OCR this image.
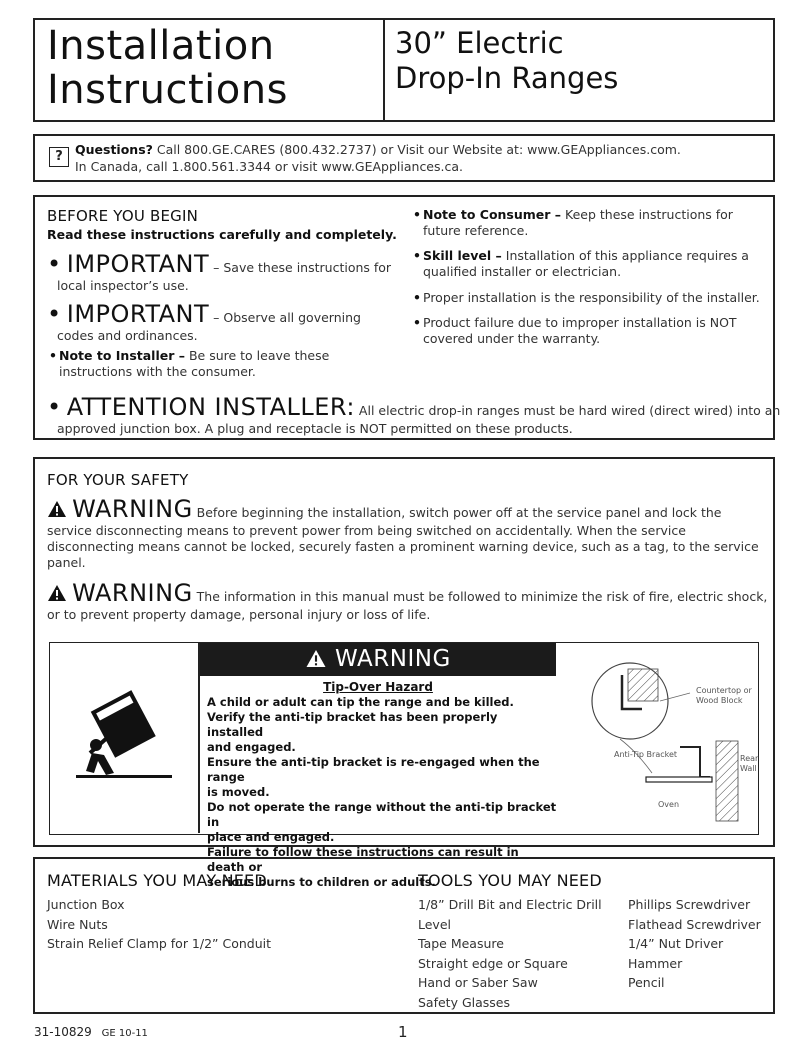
Installation
Instructions
30” Electric
Drop-In Ranges
? Questions? Call 800.GE.CARES (800.432.2737) or Visit our Website at: www.GEAppliances.com.
In Canada, call 1.800.561.3344 or visit www.GEAppliances.ca.
BEFORE YOU BEGIN
Read these instructions carefully and completely.
• IMPORTANT – Save these instructions for
local inspector’s use.
• IMPORTANT – Observe all governing
codes and ordinances.
• Note to Installer – Be sure to leave these
instructions with the consumer.
• Note to Consumer – Keep these instructions for
future reference.
• Skill level – Installation of this appliance requires a
qualified installer or electrician.
• Proper installation is the responsibility of the installer.
• Product failure due to improper installation is NOT
covered under the warranty.
• ATTENTION INSTALLER: All electric drop-in ranges must be hard wired (direct wired) into an
approved junction box. A plug and receptacle is NOT permitted on these products.
FOR YOUR SAFETY
WARNING Before beginning the installation, switch power off at the service panel and lock the
service disconnecting means to prevent power from being switched on accidentally. When the service
disconnecting means cannot be locked, securely fasten a prominent warning device, such as a tag, to the service
panel.
WARNING The information in this manual must be followed to minimize the risk of fire, electric shock,
or to prevent property damage, personal injury or loss of life.
WARNING
Tip-Over Hazard
A child or adult can tip the range and be killed.
Verify the anti-tip bracket has been properly installed
and engaged.
Ensure the anti-tip bracket is re-engaged when the range
is moved.
Do not operate the range without the anti-tip bracket in
place and engaged.
Failure to follow these instructions can result in death or
serious burns to children or adults.
Countertop or
Wood Block
Anti-Tip Bracket	Rear
Wall
Oven
MATERIALS YOU MAY NEED
Junction Box
Wire Nuts
Strain Relief Clamp for 1/2” Conduit
TOOLS YOU MAY NEED
1/8” Drill Bit and Electric Drill
Level
Tape Measure
Straight edge or Square
Hand or Saber Saw
Safety Glasses
Phillips Screwdriver
Flathead Screwdriver
1/4” Nut Driver
Hammer
Pencil
31-10829 GE 10-11	1
